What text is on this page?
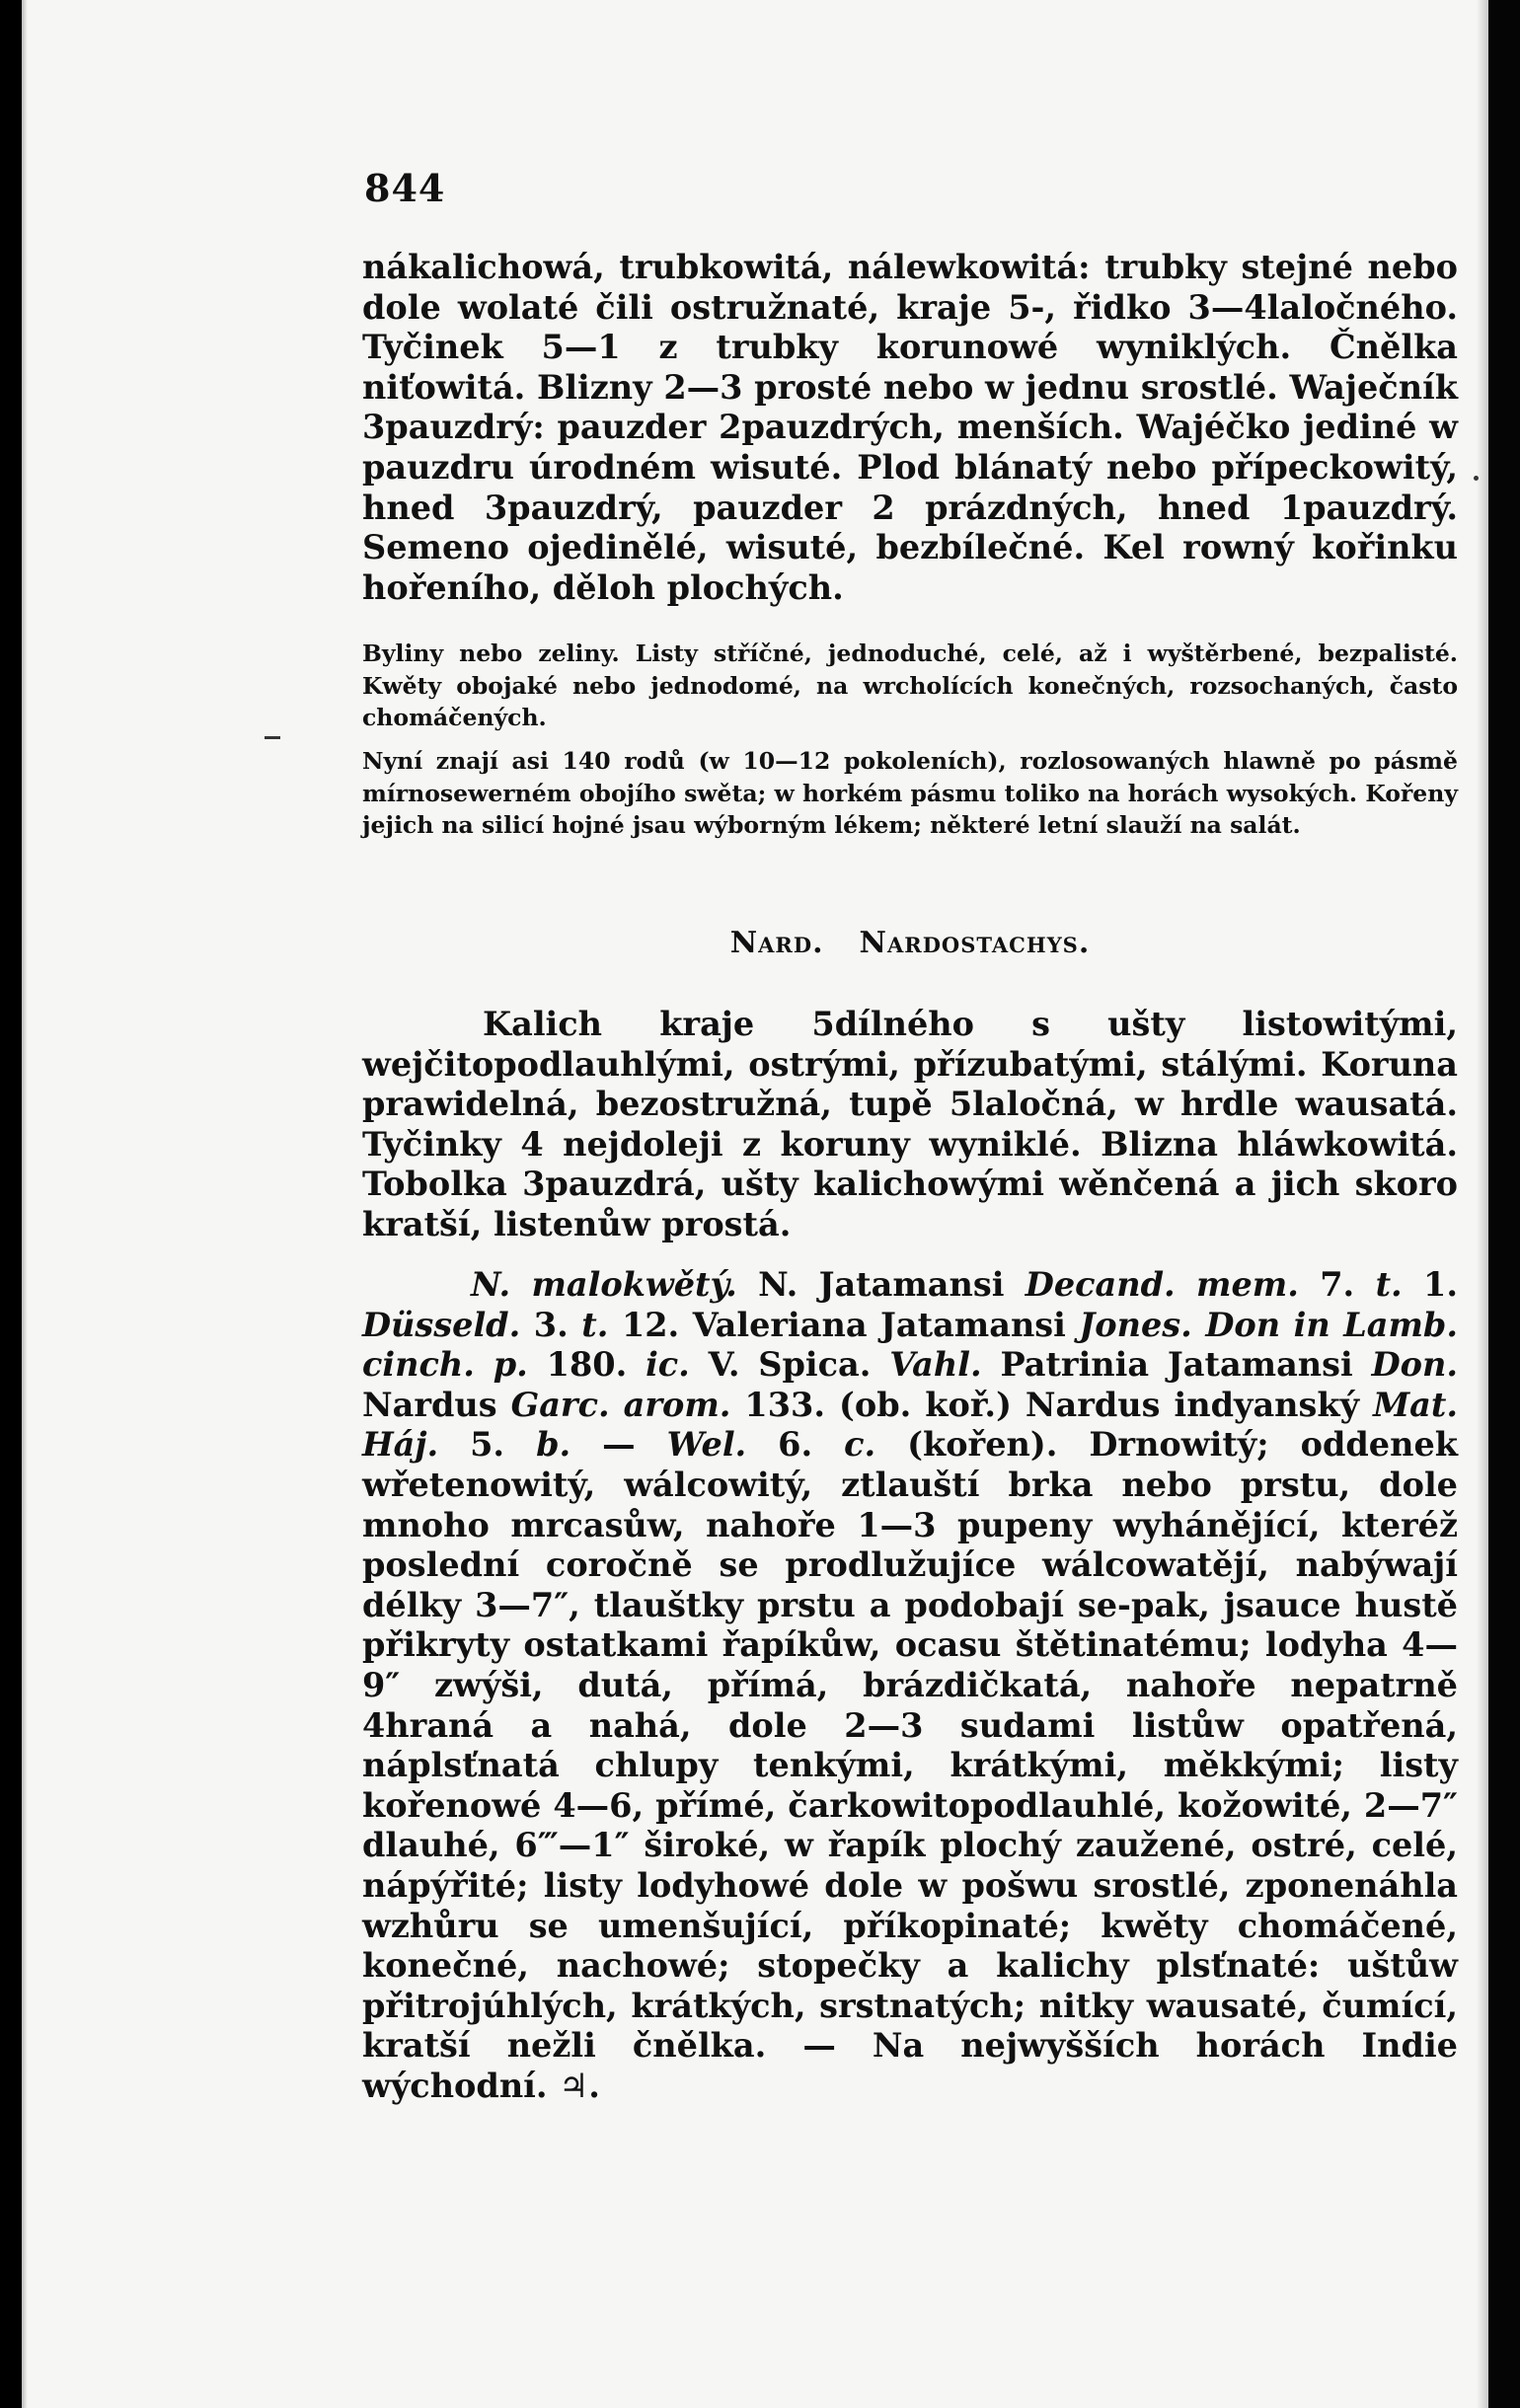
844

nákalichowá, trubkowitá, nálewkowitá: trubky stejné nebo dole wolaté čili ostružnaté, kraje 5-, řidko 3—4laločného. Tyčinek 5—1 z trubky korunowé wyniklých. Čnělka niťowitá. Blizny 2—3 prosté nebo w jednu srostlé. Waječník 3pauzdrý: pauzder 2pauzdrých, menších. Wajéčko jediné w pauzdru úrodném wisuté. Plod blánatý nebo přípeckowitý, hned 3pauzdrý, pauzder 2 prázdných, hned 1pauzdrý. Semeno ojedinělé, wisuté, bezbílečné. Kel rowný kořinku hořeního, děloh plochých.

Byliny nebo zeliny. Listy stříčné, jednoduché, celé, až i wyštěrbené, bezpalisté. Kwěty obojaké nebo jednodomé, na wrcholících konečných, rozsochaných, často chomáčených.

Nyní znají asi 140 rodů (w 10—12 pokoleních), rozlosowaných hlawně po pásmě mírnosewerném obojího swěta; w horkém pásmu toliko na horách wysokých. Kořeny jejich na silicí hojné jsau wýborným lékem; některé letní slauží na salát.

Nard. Nardostachys.

Kalich kraje 5dílného s ušty listowitými, wejčitopodlauhlými, ostrými, přízubatými, stálými. Koruna prawidelná, bezostružná, tupě 5laločná, w hrdle wausatá. Tyčinky 4 nejdoleji z koruny wyniklé. Blizna hláwkowitá. Tobolka 3pauzdrá, ušty kalichowými wěnčená a jich skoro kratší, listenůw prostá.

N. malokwětý. N. Jatamansi Decand. mem. 7. t. 1. Düsseld. 3. t. 12. Valeriana Jatamansi Jones. Don in Lamb. cinch. p. 180. ic. V. Spica. Vahl. Patrinia Jatamansi Don. Nardus Garc. arom. 133. (ob. koř.) Nardus indyanský Mat. Háj. 5. b. — Wel. 6. c. (kořen). Drnowitý; oddenek wřetenowitý, wálcowitý, ztlauští brka nebo prstu, dole mnoho mrcasůw, nahoře 1—3 pupeny wyháněјící, kteréž poslední coročně se prodlužujíce wálcowatějí, nabýwají délky 3—7″, tlauštky prstu a podobají se-pak, jsauce hustě přikryty ostatkami řapíkůw, ocasu štětinatému; lodyha 4—9″ zwýši, dutá, přímá, brázdičkatá, nahoře nepatrně 4hraná a nahá, dole 2—3 sudami listůw opatřená, náplsťnatá chlupy tenkými, krátkými, měkkými; listy kořenowé 4—6, přímé, čarkowitopodlauhlé, kožowité, 2—7″ dlauhé, 6‴—1″ široké, w řapík plochý zaužené, ostré, celé, nápýřité; listy lodyhowé dole w pošwu srostlé, zponenáhla wzhůru se umenšující, příkopinaté; kwěty chomáčené, konečné, nachowé; stopečky a kalichy plsťnaté: uštůw přitrojúhlých, krátkých, srstnatých; nitky wausaté, čumící, kratší nežli čnělka. — Na nejwyšších horách Indie wýchodní. ♃.
